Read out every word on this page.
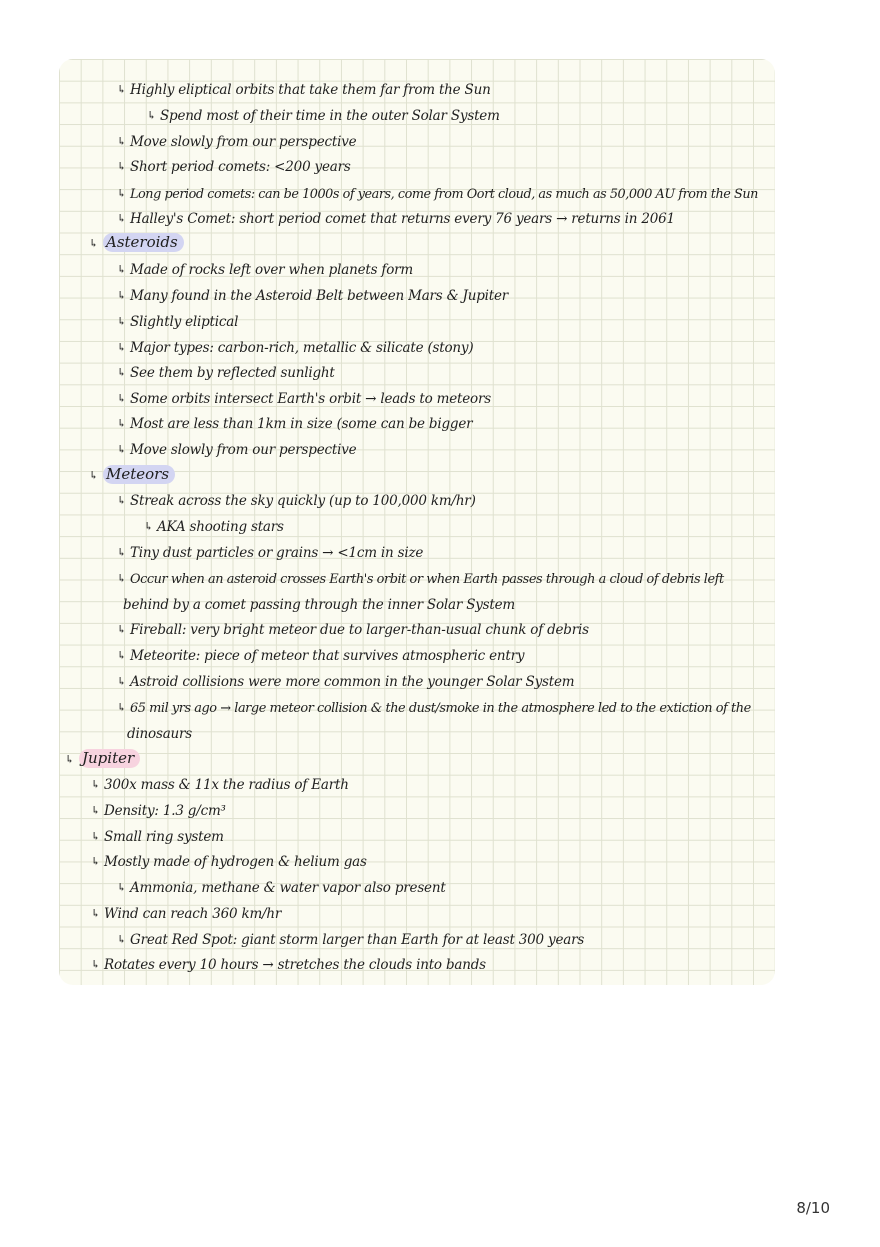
↳ Highly eliptical orbits that take them far from the Sun
↳ Spend most of their time in the outer Solar System
↳ Move slowly from our perspective
↳ Short period comets: <200 years
↳ Long period comets: can be 1000s of years, come from Oort cloud, as much as 50,000 AU from the Sun
↳ Halley's Comet: short period comet that returns every 76 years → returns in 2061
↳ Asteroids
↳ Made of rocks left over when planets form
↳ Many found in the Asteroid Belt between Mars & Jupiter
↳ Slightly eliptical
↳ Major types: carbon-rich, metallic & silicate (stony)
↳ See them by reflected sunlight
↳ Some orbits intersect Earth's orbit → leads to meteors
↳ Most are less than 1km in size (some can be bigger
↳ Move slowly from our perspective
↳ Meteors
↳ Streak across the sky quickly (up to 100,000 km/hr)
↳ AKA shooting stars
↳ Tiny dust particles or grains → <1cm in size
↳ Occur when an asteroid crosses Earth's orbit or when Earth passes through a cloud of debris left
behind by a comet passing through the inner Solar System
↳ Fireball: very bright meteor due to larger-than-usual chunk of debris
↳ Meteorite: piece of meteor that survives atmospheric entry
↳ Astroid collisions were more common in the younger Solar System
↳ 65 mil yrs ago → large meteor collision & the dust/smoke in the atmosphere led to the extiction of the
dinosaurs
↳ Jupiter
↳ 300x mass & 11x the radius of Earth
↳ Density: 1.3 g/cm³
↳ Small ring system
↳ Mostly made of hydrogen & helium gas
↳ Ammonia, methane & water vapor also present
↳ Wind can reach 360 km/hr
↳ Great Red Spot: giant storm larger than Earth for at least 300 years
↳ Rotates every 10 hours → stretches the clouds into bands
8/10
